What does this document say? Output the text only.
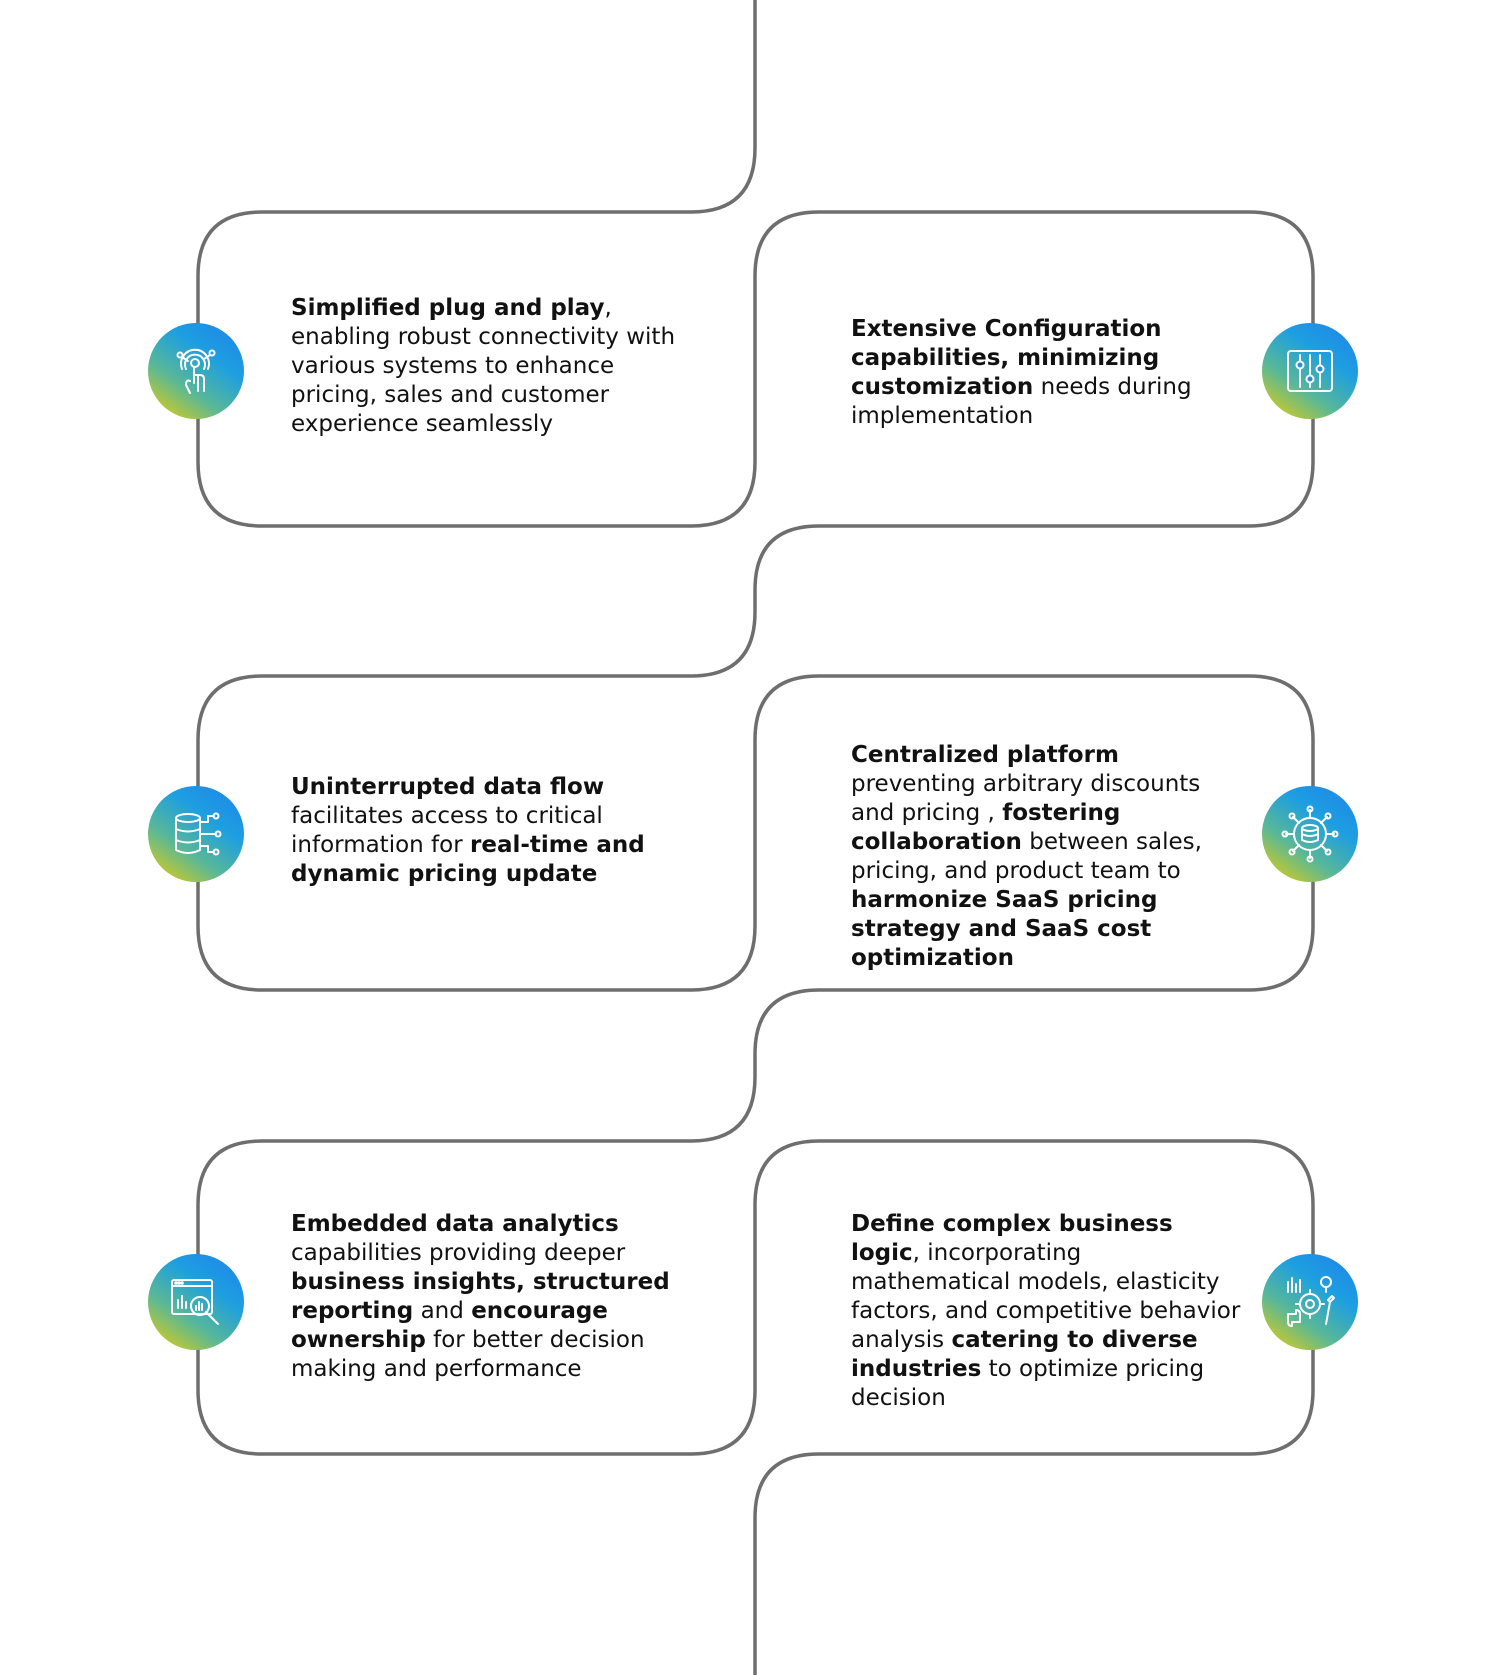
Simplified plug and play, enabling robust connectivity with various systems to enhance pricing, sales and customer experience seamlessly
Extensive Configuration capabilities, minimizing customization needs during implementation
Uninterrupted data flow facilitates access to critical information for real-time and dynamic pricing update
Centralized platform preventing arbitrary discounts and pricing , fostering collaboration between sales, pricing, and product team to harmonize SaaS pricing strategy and SaaS cost optimization
Embedded data analytics capabilities providing deeper business insights, structured reporting and encourage ownership for better decision making and performance
Define complex business logic, incorporating mathematical models, elasticity factors, and competitive behavior analysis catering to diverse industries to optimize pricing decision
